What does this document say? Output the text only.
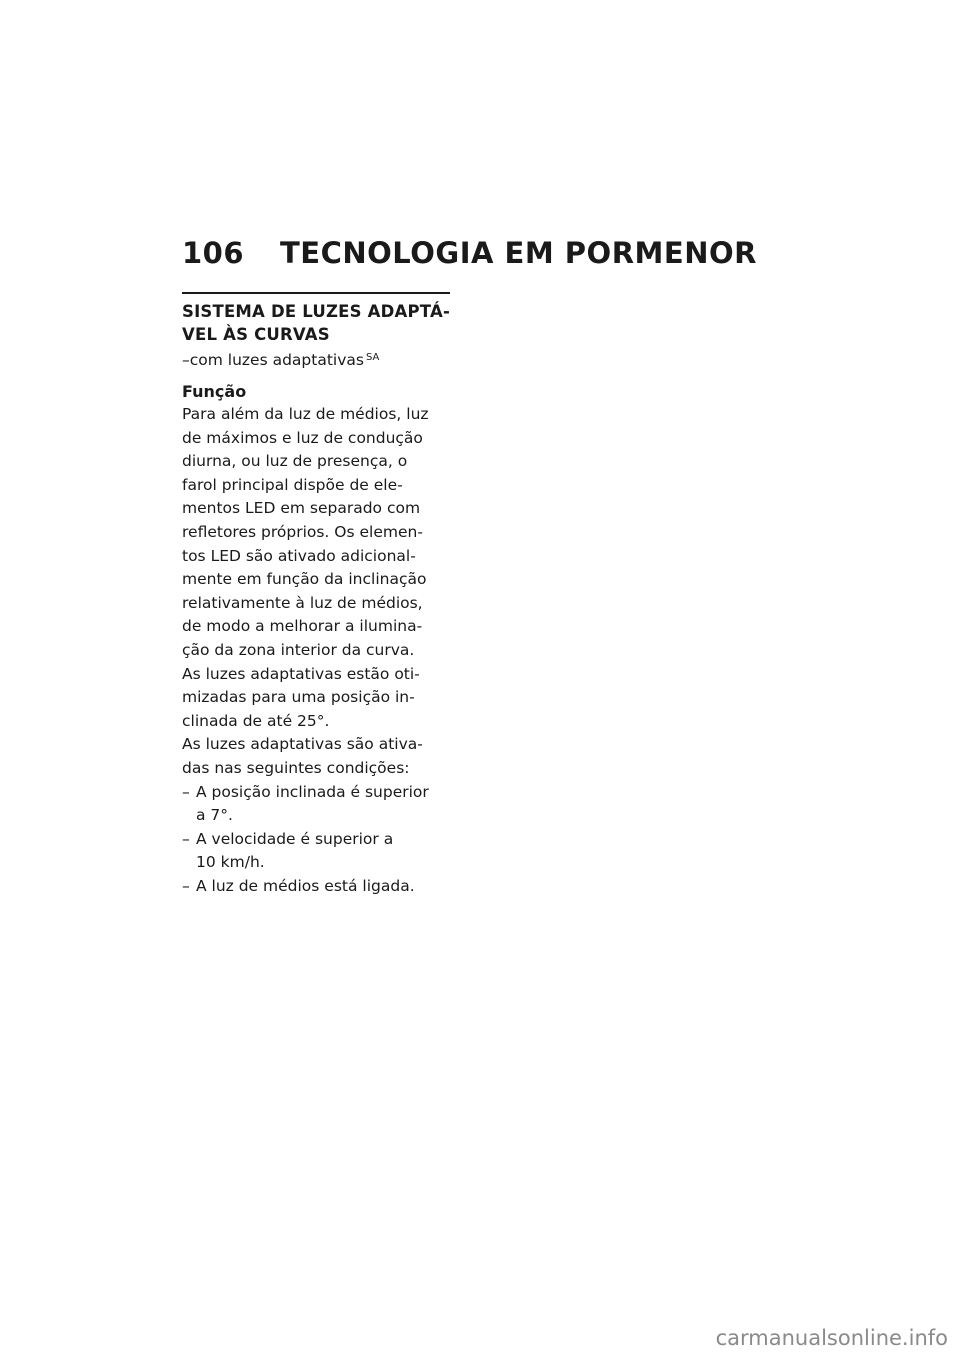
106 TECNOLOGIA EM PORMENOR
SISTEMA DE LUZES ADAPTÁ-
VEL ÀS CURVAS
–com luzes adaptativas $^{SA}$
Função
Para além da luz de médios, luz
de máximos e luz de condução
diurna, ou luz de presença, o
farol principal dispõe de ele-
mentos LED em separado com
refletores próprios. Os elemen-
tos LED são ativado adicional-
mente em função da inclinação
relativamente à luz de médios,
de modo a melhorar a ilumina-
ção da zona interior da curva.
As luzes adaptativas estão oti-
mizadas para uma posição in-
clinada de até 25°.
As luzes adaptativas são ativa-
das nas seguintes condições:
– A posição inclinada é superior
a 7°.
– A velocidade é superior a
10 km/h.
– A luz de médios está ligada.
carmanualsonline.info
